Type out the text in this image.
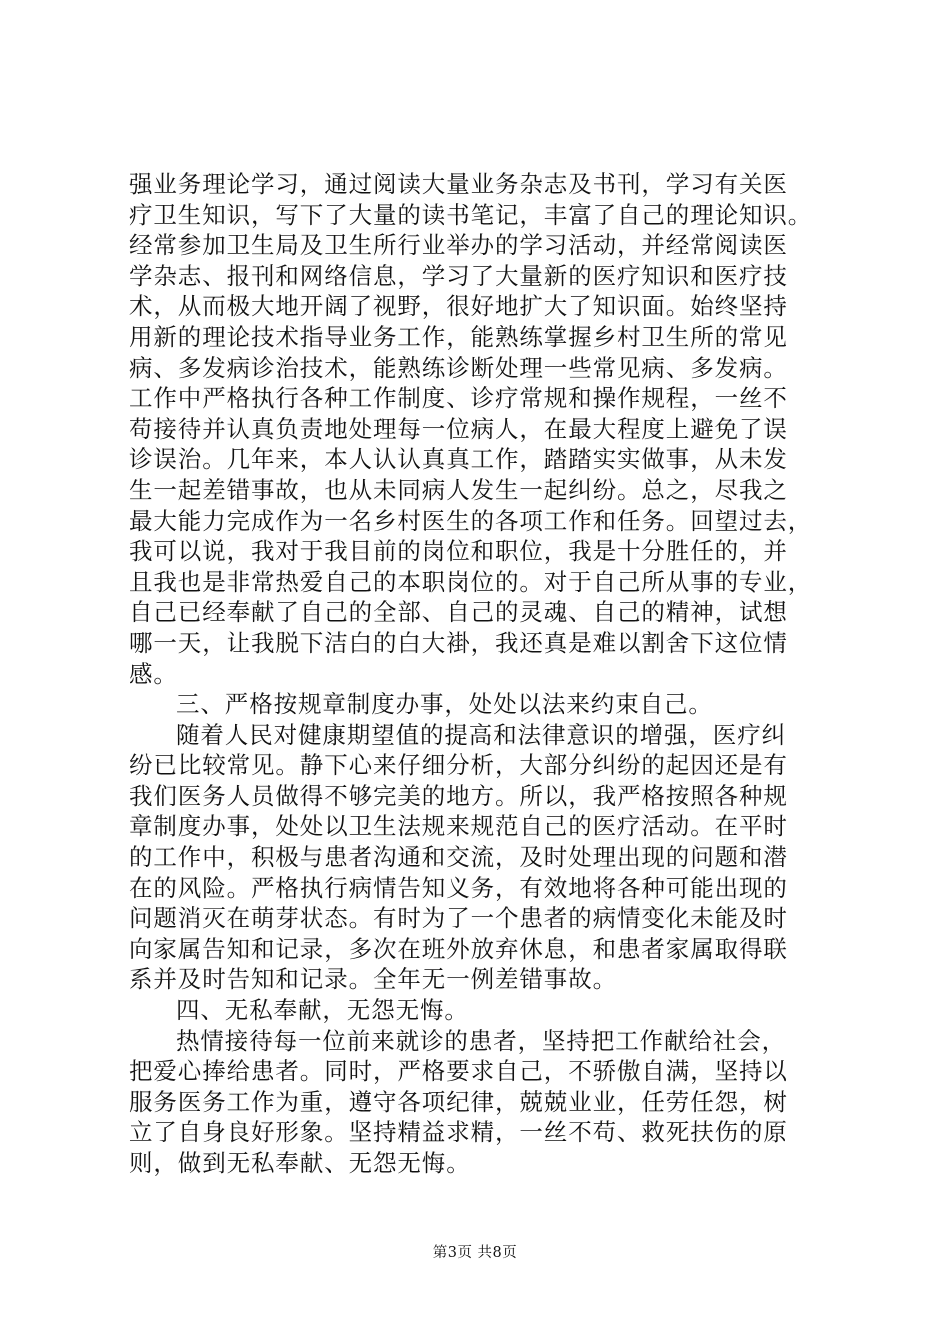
强业务理论学习，通过阅读大量业务杂志及书刊，学习有关医
疗卫生知识，写下了大量的读书笔记，丰富了自己的理论知识。
经常参加卫生局及卫生所行业举办的学习活动，并经常阅读医
学杂志、报刊和网络信息，学习了大量新的医疗知识和医疗技
术，从而极大地开阔了视野，很好地扩大了知识面。始终坚持
用新的理论技术指导业务工作，能熟练掌握乡村卫生所的常见
病、多发病诊治技术，能熟练诊断处理一些常见病、多发病。
工作中严格执行各种工作制度、诊疗常规和操作规程，一丝不
苟接待并认真负责地处理每一位病人，在最大程度上避免了误
诊误治。几年来，本人认认真真工作，踏踏实实做事，从未发
生一起差错事故，也从未同病人发生一起纠纷。总之，尽我之
最大能力完成作为一名乡村医生的各项工作和任务。回望过去，
我可以说，我对于我目前的岗位和职位，我是十分胜任的，并
且我也是非常热爱自己的本职岗位的。对于自己所从事的专业，
自己已经奉献了自己的全部、自己的灵魂、自己的精神，试想
哪一天，让我脱下洁白的白大褂，我还真是难以割舍下这位情
感。
三、严格按规章制度办事，处处以法来约束自己。
随着人民对健康期望值的提高和法律意识的增强，医疗纠
纷已比较常见。静下心来仔细分析，大部分纠纷的起因还是有
我们医务人员做得不够完美的地方。所以，我严格按照各种规
章制度办事，处处以卫生法规来规范自己的医疗活动。在平时
的工作中，积极与患者沟通和交流，及时处理出现的问题和潜
在的风险。严格执行病情告知义务，有效地将各种可能出现的
问题消灭在萌芽状态。有时为了一个患者的病情变化未能及时
向家属告知和记录，多次在班外放弃休息，和患者家属取得联
系并及时告知和记录。全年无一例差错事故。
四、无私奉献，无怨无悔。
热情接待每一位前来就诊的患者，坚持把工作献给社会，
把爱心捧给患者。同时，严格要求自己，不骄傲自满，坚持以
服务医务工作为重，遵守各项纪律，兢兢业业，任劳任怨，树
立了自身良好形象。坚持精益求精，一丝不苟、救死扶伤的原
则，做到无私奉献、无怨无悔。
第3页 共8页
